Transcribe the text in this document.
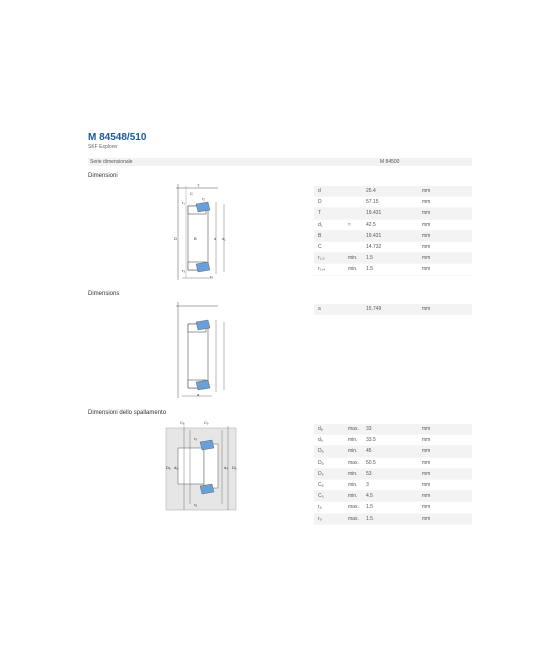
M 84548/510
SKF Explorer
Serie dimensionale	M 84500
Dimensioni
T
C
B
D	d d₁
r₁
r₂
r₃
r₄
d	25.4	mm
D	57.15	mm
T	19.431	mm
d₁	≈	42.5	mm
B	19.431	mm
C	14.732	mm
r₁,₂	min. 1.5	mm
r₃,₄	min. 1.5	mm
Dimensions
a
a	15.749	mm
Dimensioni dello spallamento
Cₐ	C₉
Dₐ dₐ	d₉ D₉
r₉
rₐ
dₐ	max. 33	mm
d₉	min. 33.5	mm
Dₐ	min. 45	mm
Dₐ	max. 50.5	mm
D₉	min. 53	mm
Cₐ	min. 3	mm
C₉	min. 4.5	mm
rₐ	max. 1.5	mm
r₉	max. 1.5	mm
